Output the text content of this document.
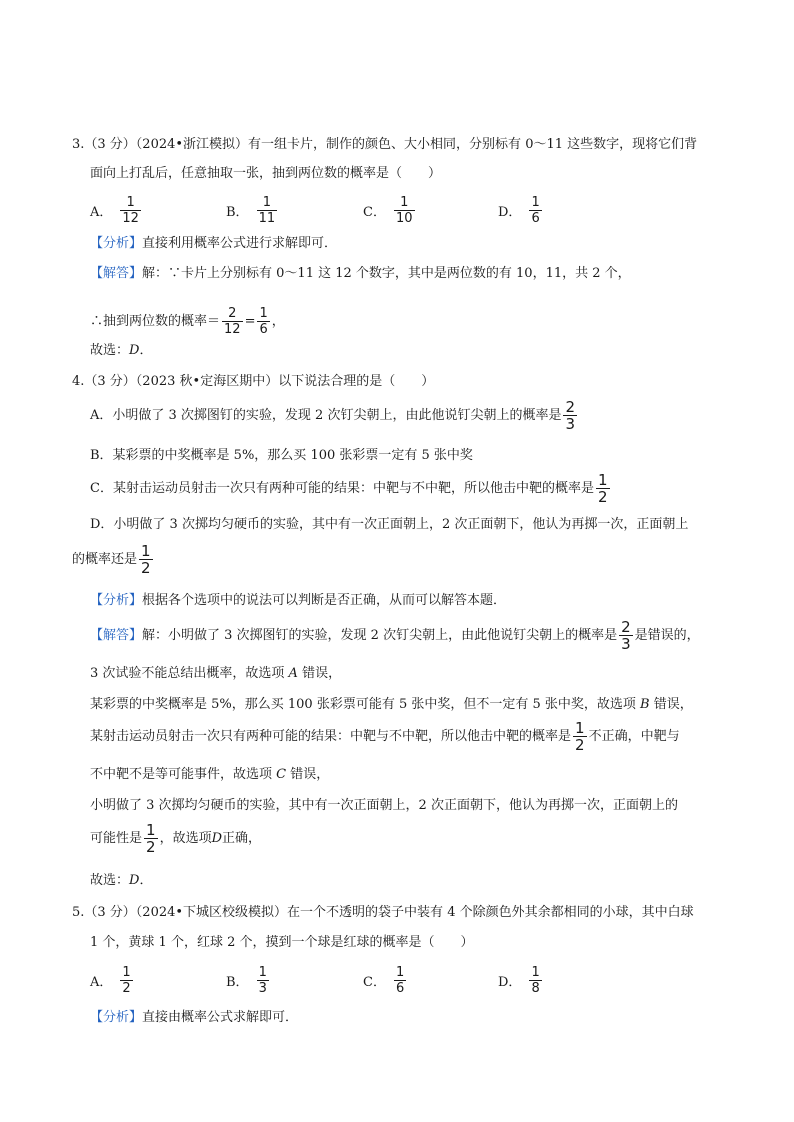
3.（3 分）（2024•浙江模拟）有一组卡片，制作的颜色、大小相同，分别标有 0～11 这些数字，现将它们背
面向上打乱后，任意抽取一张，抽到两位数的概率是（　　）
A． $\frac{1}{12}$	B． $\frac{1}{11}$	C． $\frac{1}{10}$	D． $\frac{1}{6}$
【分析】直接利用概率公式进行求解即可．
【解答】解：∵卡片上分别标有 0～11 这 12 个数字，其中是两位数的有 10，11，共 2 个，
∴抽到两位数的概率＝ $\frac{2}{12} = \frac{1}{6}$ ，
故选：D．
4.（3 分）（2023 秋•定海区期中）以下说法合理的是（　　）
A．小明做了 3 次掷图钉的实验，发现 2 次钉尖朝上，由此他说钉尖朝上的概率是 $\frac{2}{3}$
B．某彩票的中奖概率是 5%，那么买 100 张彩票一定有 5 张中奖
C．某射击运动员射击一次只有两种可能的结果：中靶与不中靶，所以他击中靶的概率是 $\frac{1}{2}$
D．小明做了 3 次掷均匀硬币的实验，其中有一次正面朝上，2 次正面朝下，他认为再掷一次，正面朝上
的概率还是 $\frac{1}{2}$
【分析】根据各个选项中的说法可以判断是否正确，从而可以解答本题．
【解答】 解：小明做了 3 次掷图钉的实验，发现 2 次钉尖朝上，由此他说钉尖朝上的概率是 $\frac{2}{3}$ 是错误的，
3 次试验不能总结出概率，故选项 A 错误，
某彩票的中奖概率是 5%，那么买 100 张彩票可能有 5 张中奖，但不一定有 5 张中奖，故选项 B 错误，
某射击运动员射击一次只有两种可能的结果：中靶与不中靶，所以他击中靶的概率是 $\frac{1}{2}$ 不正确，中靶与
不中靶不是等可能事件，故选项 C 错误，
小明做了 3 次掷均匀硬币的实验，其中有一次正面朝上，2 次正面朝下，他认为再掷一次，正面朝上的
可能性是 $\frac{1}{2}$ ，故选项 D 正确，
故选：D．
5.（3 分）（2024•下城区校级模拟）在一个不透明的袋子中装有 4 个除颜色外其余都相同的小球，其中白球
1 个，黄球 1 个，红球 2 个，摸到一个球是红球的概率是（　　）
A． $\frac{1}{2}$	B． $\frac{1}{3}$	C． $\frac{1}{6}$	D． $\frac{1}{8}$
【分析】直接由概率公式求解即可．
